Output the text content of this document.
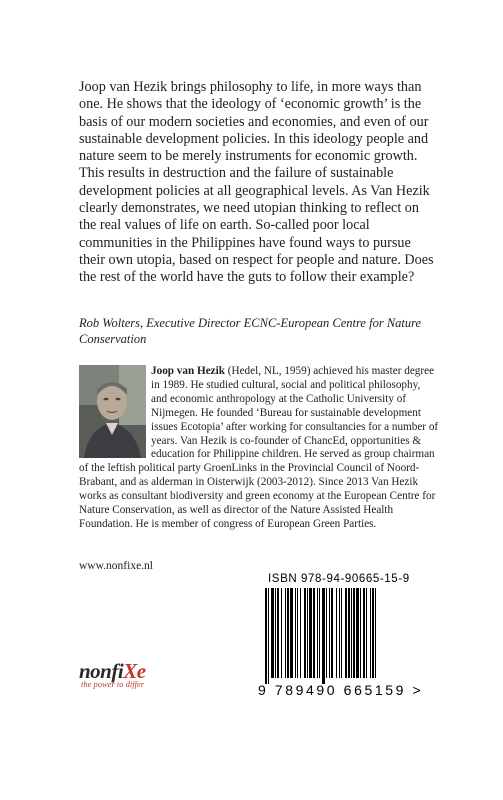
Joop van Hezik brings philosophy to life, in more ways than one. He shows that the ideology of ‘economic growth’ is the basis of our modern societies and economies, and even of our sustainable development policies. In this ideology people and nature seem to be merely instruments for economic growth. This results in destruction and the failure of sustainable development policies at all geographical levels. As Van Hezik clearly demonstrates, we need utopian thinking to reflect on the real values of life on earth. So-called poor local communities in the Philippines have found ways to pursue their own utopia, based on respect for people and nature. Does the rest of the world have the guts to follow their example?

Rob Wolters, Executive Director ECNC-European Centre for Nature Conservation

Joop van Hezik (Hedel, NL, 1959) achieved his master degree in 1989. He studied cultural, social and political philosophy, and economic anthropology at the Catholic University of Nijmegen. He founded ‘Bureau for sustainable development issues Ecotopia’ after working for consultancies for a number of years. Van Hezik is co-founder of ChancEd, opportunities & education for Philippine children. He served as group chairman of the leftish political party GroenLinks in the Provincial Council of Noord-Brabant, and as alderman in Oisterwijk (2003-2012). Since 2013 Van Hezik works as consultant biodiversity and green economy at the European Centre for Nature Conservation, as well as director of the Nature Assisted Health Foundation. He is member of congress of European Green Parties.

www.nonfixe.nl
ISBN 978-94-90665-15-9
9 789490 665159 >
nonfiXe
the power to differ
